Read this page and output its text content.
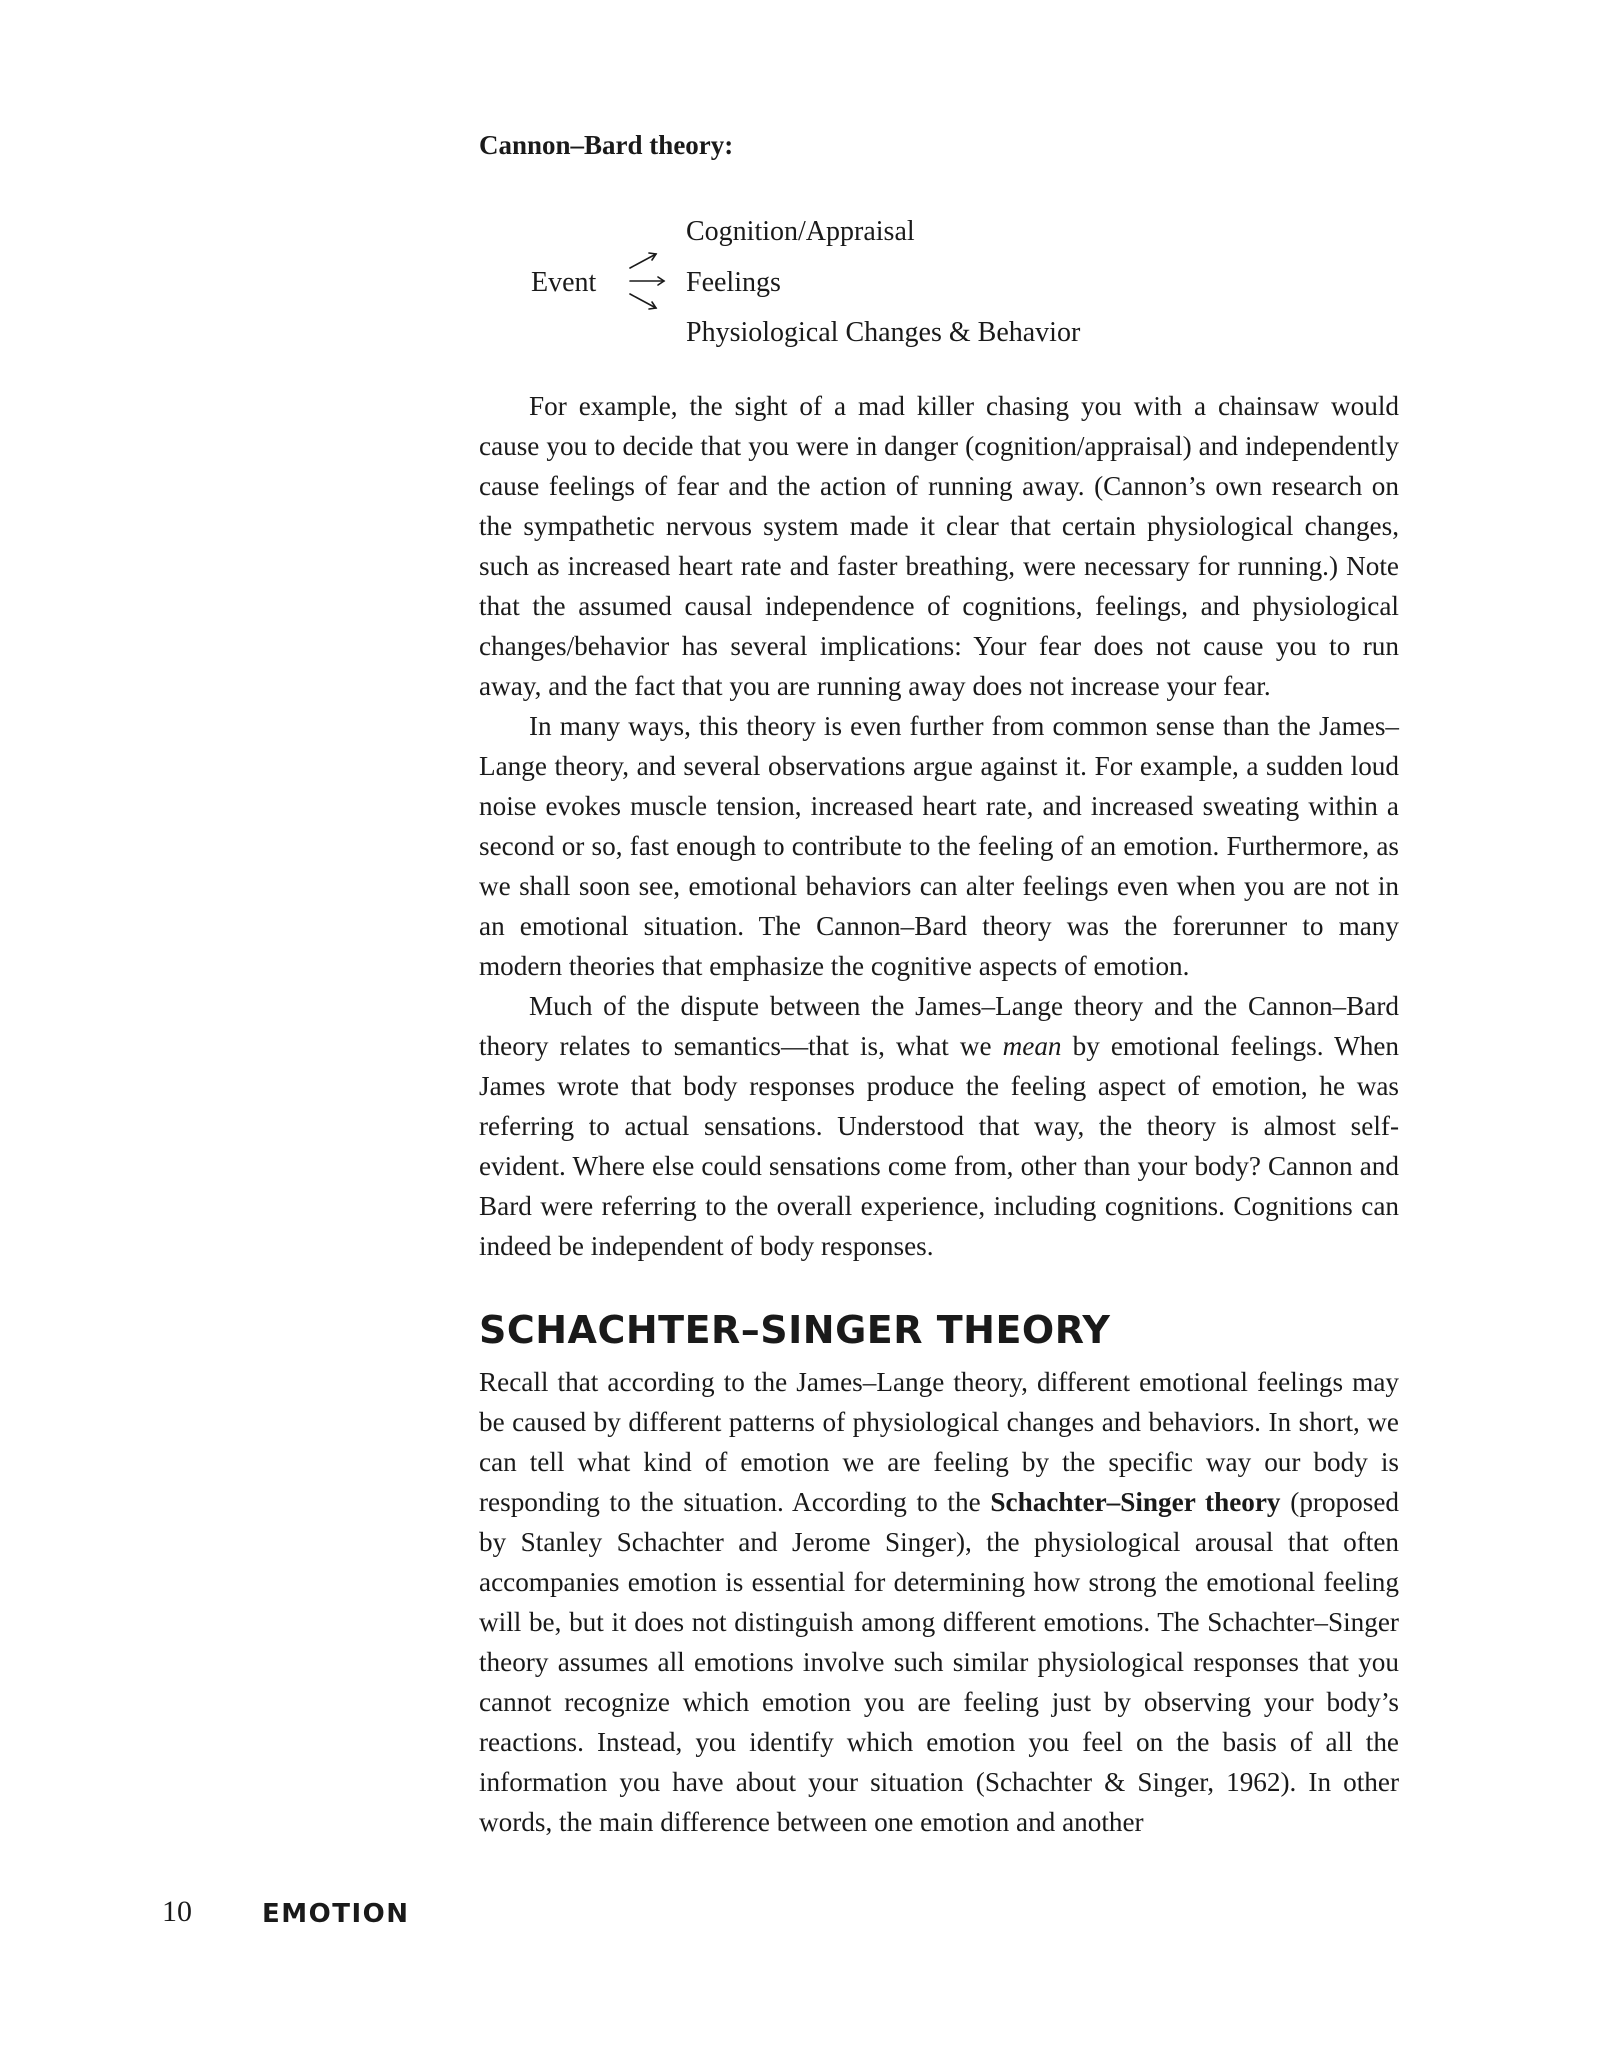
Cannon–Bard theory:
Event
Cognition/Appraisal
Feelings
Physiological Changes & Behavior

For example, the sight of a mad killer chasing you with a chainsaw would cause you to decide that you were in danger (cognition/appraisal) and independently cause feelings of fear and the action of running away. (Cannon’s own research on the sympathetic nervous system made it clear that certain physiological changes, such as increased heart rate and faster breathing, were necessary for running.) Note that the assumed causal independence of cognitions, feelings, and physiological changes/behavior has several implications: Your fear does not cause you to run away, and the fact that you are running away does not increase your fear.

In many ways, this theory is even further from common sense than the James–Lange theory, and several observations argue against it. For example, a sudden loud noise evokes muscle tension, increased heart rate, and increased sweating within a second or so, fast enough to contribute to the feeling of an emotion. Furthermore, as we shall soon see, emotional behaviors can alter feelings even when you are not in an emotional situation. The Cannon–Bard theory was the forerunner to many modern theories that emphasize the cognitive aspects of emotion.

Much of the dispute between the James–Lange theory and the Cannon–Bard theory relates to semantics—that is, what we mean by emotional feelings. When James wrote that body responses produce the feeling aspect of emotion, he was referring to actual sensations. Understood that way, the theory is almost self-evident. Where else could sensations come from, other than your body? Cannon and Bard were referring to the overall experience, including cognitions. Cognitions can indeed be independent of body responses.

SCHACHTER–SINGER THEORY

Recall that according to the James–Lange theory, different emotional feelings may be caused by different patterns of physiological changes and behaviors. In short, we can tell what kind of emotion we are feeling by the specific way our body is responding to the situation. According to the Schachter–Singer theory (proposed by Stanley Schachter and Jerome Singer), the physiological arousal that often accompanies emotion is essential for determining how strong the emotional feeling will be, but it does not distinguish among different emotions. The Schachter–Singer theory assumes all emotions involve such similar physiological responses that you cannot recognize which emotion you are feeling just by observing your body’s reactions. Instead, you identify which emotion you feel on the basis of all the information you have about your situation (Schachter & Singer, 1962). In other words, the main difference between one emotion and another

10	EMOTION
